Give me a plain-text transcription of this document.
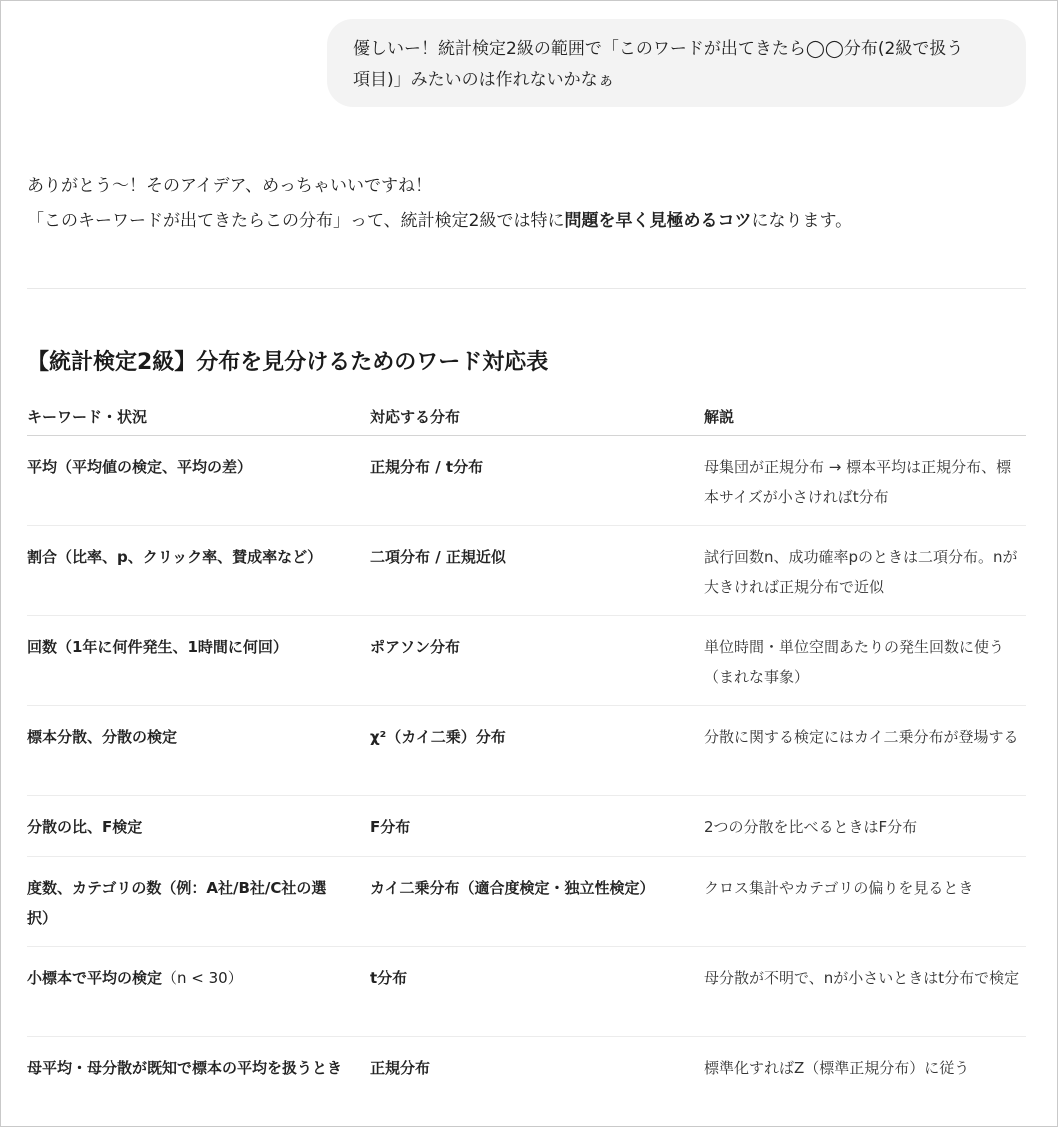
優しいー！統計検定2級の範囲で「このワードが出てきたら◯◯分布(2級で扱う

項目)」みたいのは作れないかなぁ

ありがとう〜！そのアイデア、めっちゃいいですね！

「このキーワードが出てきたらこの分布」って、統計検定2級では特に問題を早く見極めるコツになります。

【統計検定2級】分布を見分けるためのワード対応表
キーワード・状況	対応する分布	解説
平均（平均値の検定、平均の差）	正規分布 / t分布	母集団が正規分布 → 標本平均は正規分布、標本サイズが小さければt分布
割合（比率、p、クリック率、賛成率など）	二項分布 / 正規近似	試行回数n、成功確率pのときは二項分布。nが大きければ正規分布で近似
回数（1年に何件発生、1時間に何回）	ポアソン分布	単位時間・単位空間あたりの発生回数に使う（まれな事象）
標本分散、分散の検定	χ²（カイ二乗）分布	分散に関する検定にはカイ二乗分布が登場する
分散の比、F検定	F分布	2つの分散を比べるときはF分布
度数、カテゴリの数（例：A社/B社/C社の選択）	カイ二乗分布（適合度検定・独立性検定）	クロス集計やカテゴリの偏りを見るとき
小標本で平均の検定（n < 30）	t分布	母分散が不明で、nが小さいときはt分布で検定
母平均・母分散が既知で標本の平均を扱うとき	正規分布	標準化すればZ（標準正規分布）に従う
